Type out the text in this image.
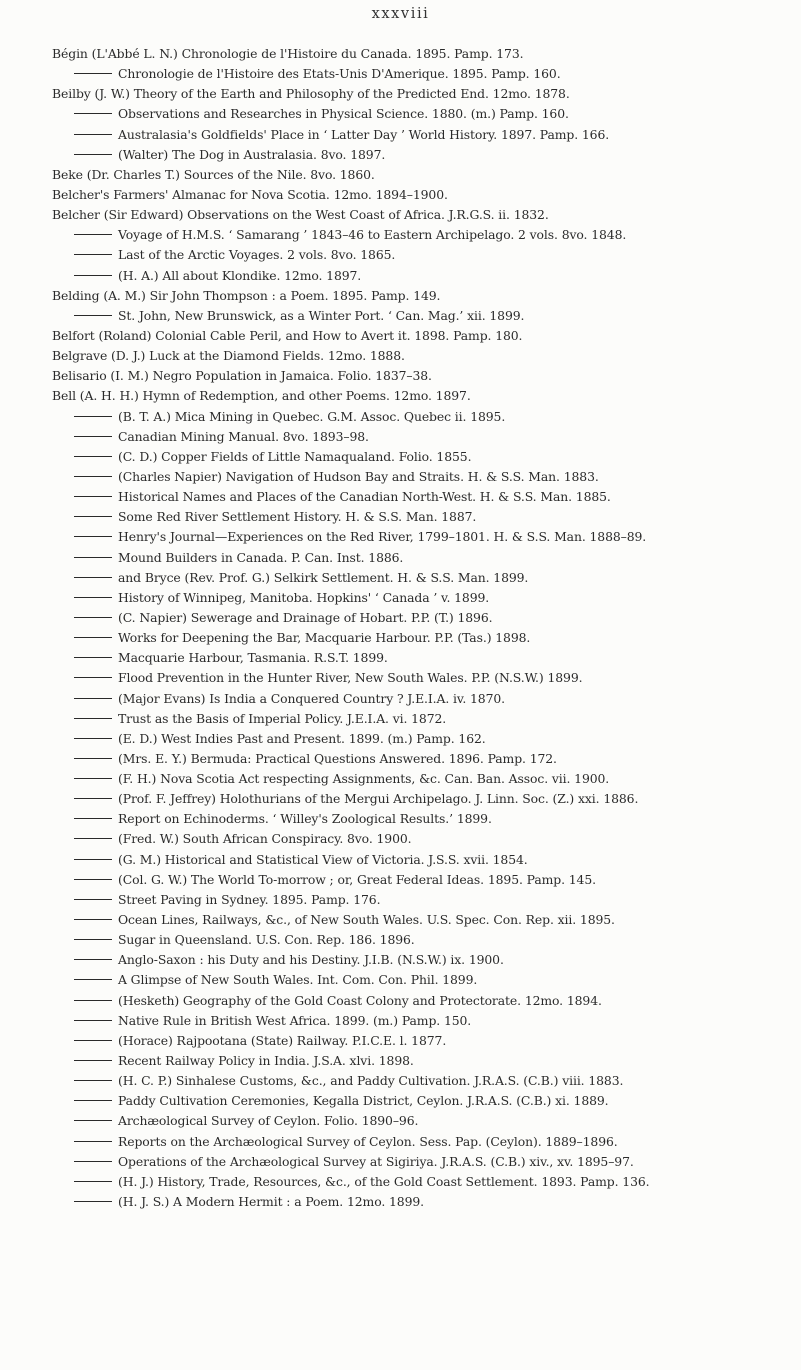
xxxviii
Bégin (L'Abbé L. N.) Chronologie de l'Histoire du Canada. 1895. Pamp. 173.
Chronologie de l'Histoire des Etats-Unis D'Amerique. 1895. Pamp. 160.
Beilby (J. W.) Theory of the Earth and Philosophy of the Predicted End. 12mo. 1878.
Observations and Researches in Physical Science. 1880. (m.) Pamp. 160.
Australasia's Goldfields' Place in ‘ Latter Day ’ World History. 1897. Pamp. 166.
(Walter) The Dog in Australasia. 8vo. 1897.
Beke (Dr. Charles T.) Sources of the Nile. 8vo. 1860.
Belcher's Farmers' Almanac for Nova Scotia. 12mo. 1894–1900.
Belcher (Sir Edward) Observations on the West Coast of Africa. J.R.G.S. ii. 1832.
Voyage of H.M.S. ‘ Samarang ’ 1843–46 to Eastern Archipelago. 2 vols. 8vo. 1848.
Last of the Arctic Voyages. 2 vols. 8vo. 1865.
(H. A.) All about Klondike. 12mo. 1897.
Belding (A. M.) Sir John Thompson : a Poem. 1895. Pamp. 149.
St. John, New Brunswick, as a Winter Port. ‘ Can. Mag.’ xii. 1899.
Belfort (Roland) Colonial Cable Peril, and How to Avert it. 1898. Pamp. 180.
Belgrave (D. J.) Luck at the Diamond Fields. 12mo. 1888.
Belisario (I. M.) Negro Population in Jamaica. Folio. 1837–38.
Bell (A. H. H.) Hymn of Redemption, and other Poems. 12mo. 1897.
(B. T. A.) Mica Mining in Quebec. G.M. Assoc. Quebec ii. 1895.
Canadian Mining Manual. 8vo. 1893–98.
(C. D.) Copper Fields of Little Namaqualand. Folio. 1855.
(Charles Napier) Navigation of Hudson Bay and Straits. H. & S.S. Man. 1883.
Historical Names and Places of the Canadian North-West. H. & S.S. Man. 1885.
Some Red River Settlement History. H. & S.S. Man. 1887.
Henry's Journal—Experiences on the Red River, 1799–1801. H. & S.S. Man. 1888–89.
Mound Builders in Canada. P. Can. Inst. 1886.
and Bryce (Rev. Prof. G.) Selkirk Settlement. H. & S.S. Man. 1899.
History of Winnipeg, Manitoba. Hopkins' ‘ Canada ’ v. 1899.
(C. Napier) Sewerage and Drainage of Hobart. P.P. (T.) 1896.
Works for Deepening the Bar, Macquarie Harbour. P.P. (Tas.) 1898.
Macquarie Harbour, Tasmania. R.S.T. 1899.
Flood Prevention in the Hunter River, New South Wales. P.P. (N.S.W.) 1899.
(Major Evans) Is India a Conquered Country ? J.E.I.A. iv. 1870.
Trust as the Basis of Imperial Policy. J.E.I.A. vi. 1872.
(E. D.) West Indies Past and Present. 1899. (m.) Pamp. 162.
(Mrs. E. Y.) Bermuda: Practical Questions Answered. 1896. Pamp. 172.
(F. H.) Nova Scotia Act respecting Assignments, &c. Can. Ban. Assoc. vii. 1900.
(Prof. F. Jeffrey) Holothurians of the Mergui Archipelago. J. Linn. Soc. (Z.) xxi. 1886.
Report on Echinoderms. ‘ Willey's Zoological Results.’ 1899.
(Fred. W.) South African Conspiracy. 8vo. 1900.
(G. M.) Historical and Statistical View of Victoria. J.S.S. xvii. 1854.
(Col. G. W.) The World To-morrow ; or, Great Federal Ideas. 1895. Pamp. 145.
Street Paving in Sydney. 1895. Pamp. 176.
Ocean Lines, Railways, &c., of New South Wales. U.S. Spec. Con. Rep. xii. 1895.
Sugar in Queensland. U.S. Con. Rep. 186. 1896.
Anglo-Saxon : his Duty and his Destiny. J.I.B. (N.S.W.) ix. 1900.
A Glimpse of New South Wales. Int. Com. Con. Phil. 1899.
(Hesketh) Geography of the Gold Coast Colony and Protectorate. 12mo. 1894.
Native Rule in British West Africa. 1899. (m.) Pamp. 150.
(Horace) Rajpootana (State) Railway. P.I.C.E. l. 1877.
Recent Railway Policy in India. J.S.A. xlvi. 1898.
(H. C. P.) Sinhalese Customs, &c., and Paddy Cultivation. J.R.A.S. (C.B.) viii. 1883.
Paddy Cultivation Ceremonies, Kegalla District, Ceylon. J.R.A.S. (C.B.) xi. 1889.
Archæological Survey of Ceylon. Folio. 1890–96.
Reports on the Archæological Survey of Ceylon. Sess. Pap. (Ceylon). 1889–1896.
Operations of the Archæological Survey at Sigiriya. J.R.A.S. (C.B.) xiv., xv. 1895–97.
(H. J.) History, Trade, Resources, &c., of the Gold Coast Settlement. 1893. Pamp. 136.
(H. J. S.) A Modern Hermit : a Poem. 12mo. 1899.
